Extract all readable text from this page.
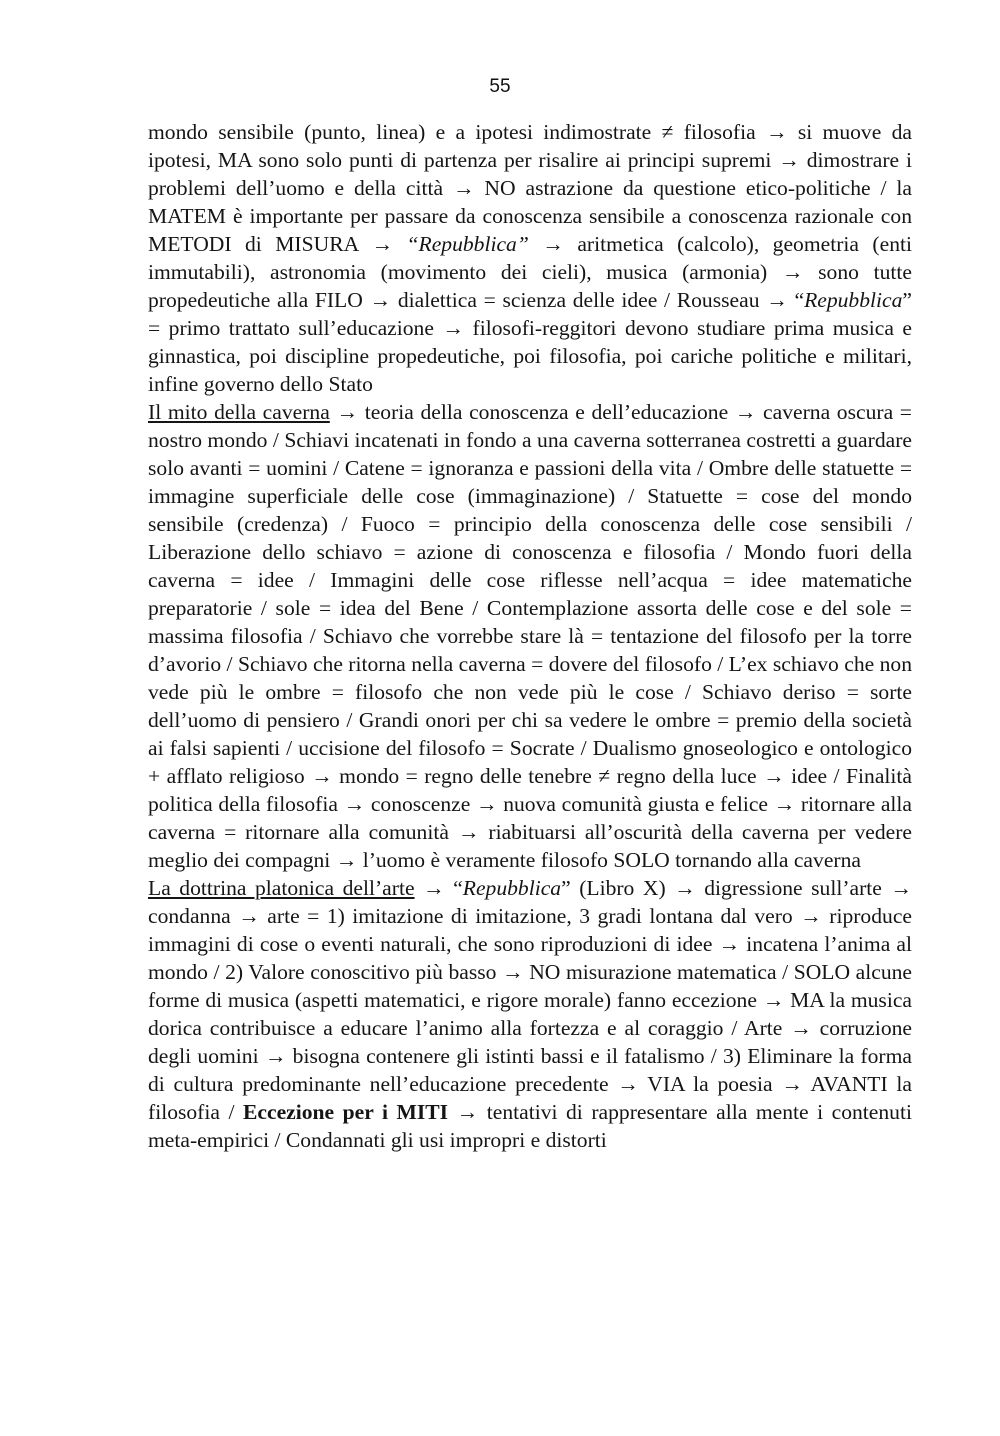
55

mondo sensibile (punto, linea) e a ipotesi indimostrate ≠ filosofia → si muove da ipotesi, MA sono solo punti di partenza per risalire ai principi supremi → dimostrare i problemi dell’uomo e della città → NO astrazione da questione etico-politiche / la MATEM è importante per passare da conoscenza sensibile a conoscenza razionale con METODI di MISURA → “Repubblica” → aritmetica (calcolo), geometria (enti immutabili), astronomia (movimento dei cieli), musica (armonia) → sono tutte propedeutiche alla FILO → dialettica = scienza delle idee / Rousseau → “Repubblica” = primo trattato sull’educazione → filosofi-reggitori devono studiare prima musica e ginnastica, poi discipline propedeutiche, poi filosofia, poi cariche politiche e militari, infine governo dello Stato

Il mito della caverna → teoria della conoscenza e dell’educazione → caverna oscura = nostro mondo / Schiavi incatenati in fondo a una caverna sotterranea costretti a guardare solo avanti = uomini / Catene = ignoranza e passioni della vita / Ombre delle statuette = immagine superficiale delle cose (immaginazione) / Statuette = cose del mondo sensibile (credenza) / Fuoco = principio della conoscenza delle cose sensibili / Liberazione dello schiavo = azione di conoscenza e filosofia / Mondo fuori della caverna = idee / Immagini delle cose riflesse nell’acqua = idee matematiche preparatorie / sole = idea del Bene / Contemplazione assorta delle cose e del sole = massima filosofia / Schiavo che vorrebbe stare là = tentazione del filosofo per la torre d’avorio / Schiavo che ritorna nella caverna = dovere del filosofo / L’ex schiavo che non vede più le ombre = filosofo che non vede più le cose / Schiavo deriso = sorte dell’uomo di pensiero / Grandi onori per chi sa vedere le ombre = premio della società ai falsi sapienti / uccisione del filosofo = Socrate / Dualismo gnoseologico e ontologico + afflato religioso → mondo = regno delle tenebre ≠ regno della luce → idee / Finalità politica della filosofia → conoscenze → nuova comunità giusta e felice → ritornare alla caverna = ritornare alla comunità → riabituarsi all’oscurità della caverna per vedere meglio dei compagni → l’uomo è veramente filosofo SOLO tornando alla caverna

La dottrina platonica dell’arte → “Repubblica” (Libro X) → digressione sull’arte → condanna → arte = 1) imitazione di imitazione, 3 gradi lontana dal vero → riproduce immagini di cose o eventi naturali, che sono riproduzioni di idee → incatena l’anima al mondo / 2) Valore conoscitivo più basso → NO misurazione matematica / SOLO alcune forme di musica (aspetti matematici, e rigore morale) fanno eccezione → MA la musica dorica contribuisce a educare l’animo alla fortezza e al coraggio / Arte → corruzione degli uomini → bisogna contenere gli istinti bassi e il fatalismo / 3) Eliminare la forma di cultura predominante nell’educazione precedente → VIA la poesia → AVANTI la filosofia / Eccezione per i MITI → tentativi di rappresentare alla mente i contenuti meta-empirici / Condannati gli usi impropri e distorti
